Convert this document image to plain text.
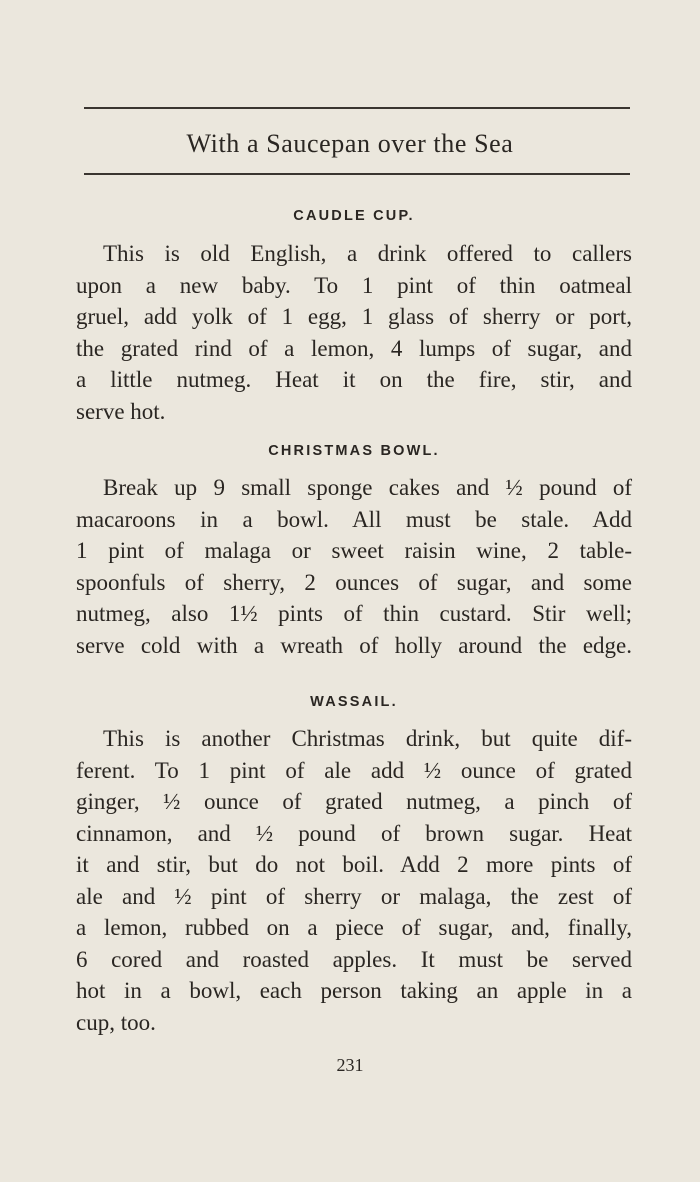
With a Saucepan over the Sea
CAUDLE CUP.
This is old English, a drink offered to callers
upon a new baby. To 1 pint of thin oatmeal
gruel, add yolk of 1 egg, 1 glass of sherry or port,
the grated rind of a lemon, 4 lumps of sugar, and
a little nutmeg. Heat it on the fire, stir, and
serve hot.
CHRISTMAS BOWL.
Break up 9 small sponge cakes and ½ pound of
macaroons in a bowl. All must be stale. Add
1 pint of malaga or sweet raisin wine, 2 table-
spoonfuls of sherry, 2 ounces of sugar, and some
nutmeg, also 1½ pints of thin custard. Stir well;
serve cold with a wreath of holly around the edge.
WASSAIL.
This is another Christmas drink, but quite dif-
ferent. To 1 pint of ale add ½ ounce of grated
ginger, ½ ounce of grated nutmeg, a pinch of
cinnamon, and ½ pound of brown sugar. Heat
it and stir, but do not boil. Add 2 more pints of
ale and ½ pint of sherry or malaga, the zest of
a lemon, rubbed on a piece of sugar, and, finally,
6 cored and roasted apples. It must be served
hot in a bowl, each person taking an apple in a
cup, too.
231
